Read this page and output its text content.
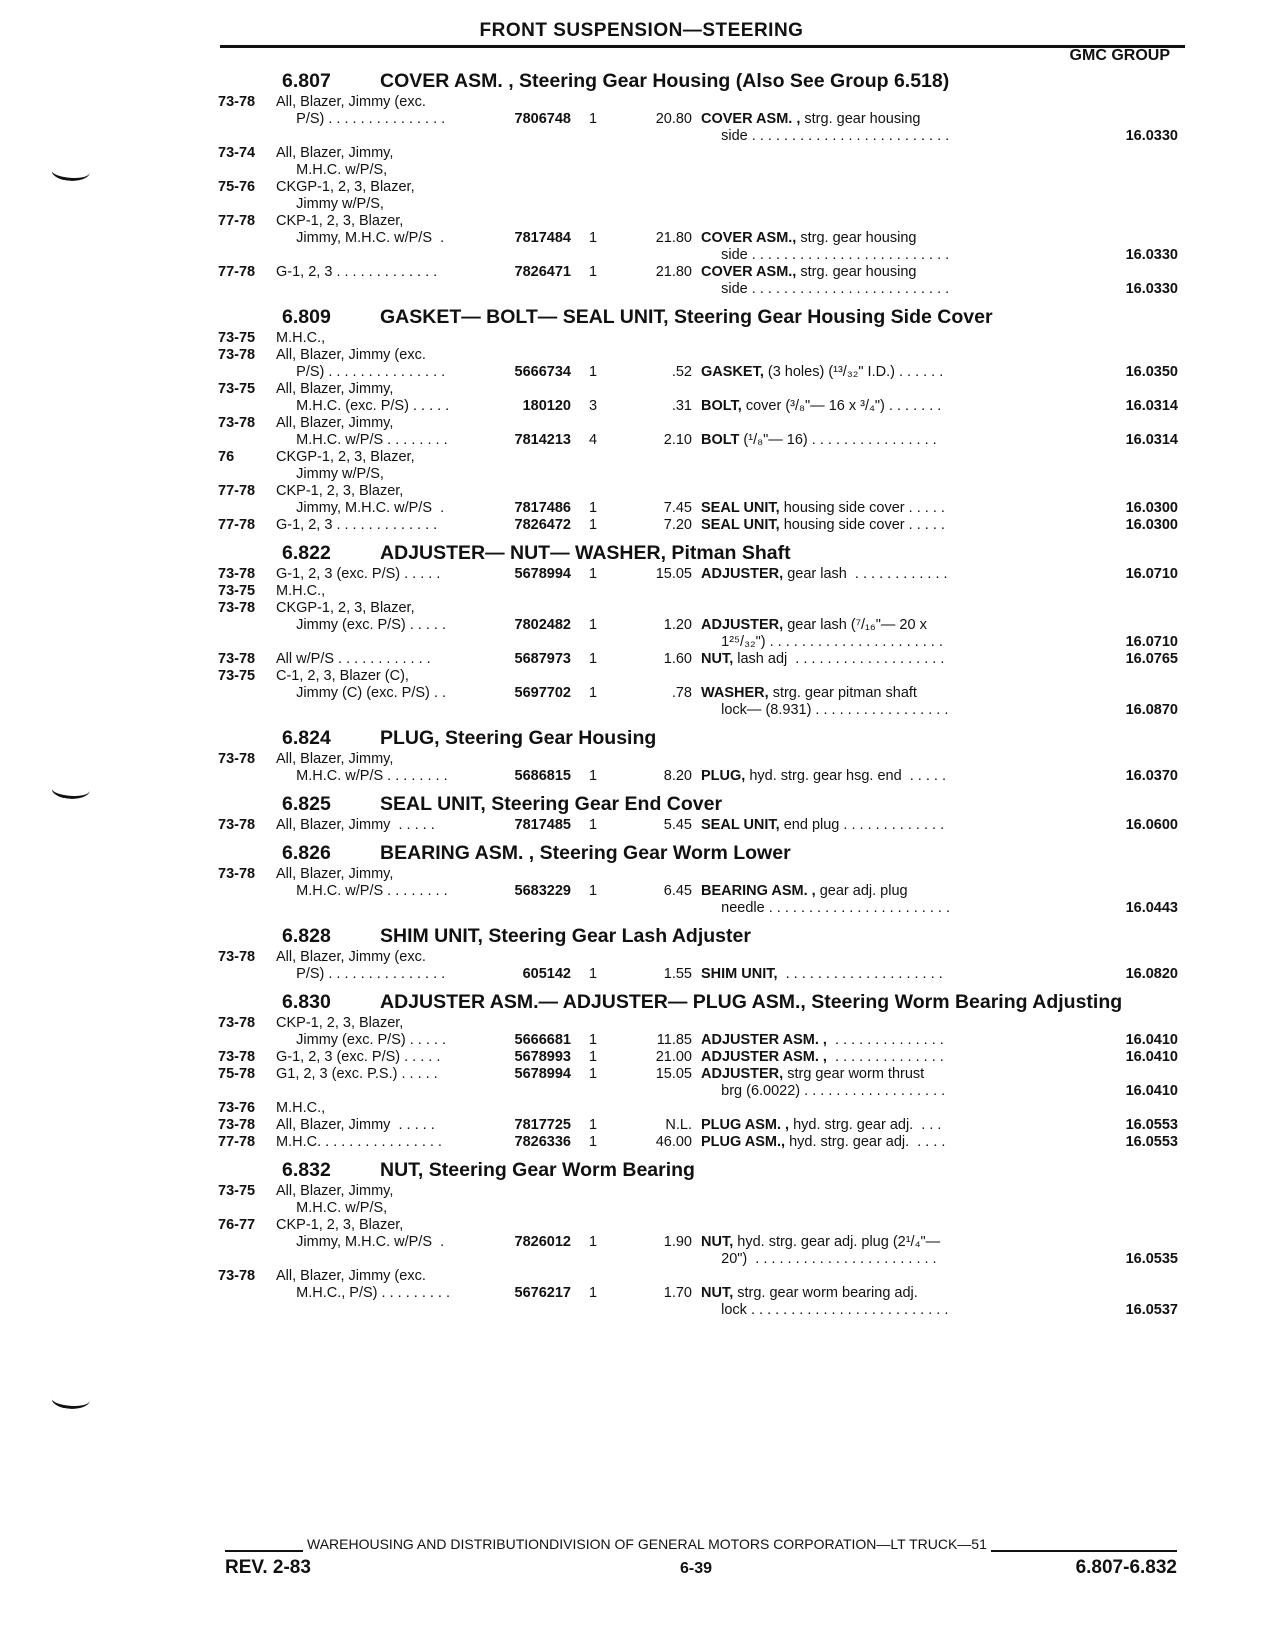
FRONT SUSPENSION—STEERING
GMC GROUP
6.807	COVER ASM. , Steering Gear Housing (Also See Group 6.518)
73-78	All, Blazer, Jimmy (exc.
P/S) . . . . . . . . . . . . . . .	7806748	1	20.80 COVER ASM. , strg. gear housing
side . . . . . . . . . . . . . . . . . . . . . . . . .	16.0330
73-74	All, Blazer, Jimmy,
M.H.C. w/P/S,
75-76	CKGP-1, 2, 3, Blazer,
Jimmy w/P/S,
77-78	CKP-1, 2, 3, Blazer,
Jimmy, M.H.C. w/P/S  .	7817484	1	21.80 COVER ASM., strg. gear housing
side . . . . . . . . . . . . . . . . . . . . . . . . .	16.0330
77-78	G-1, 2, 3 . . . . . . . . . . . . .	7826471	1	21.80 COVER ASM., strg. gear housing
side . . . . . . . . . . . . . . . . . . . . . . . . .	16.0330
6.809	GASKET— BOLT— SEAL UNIT, Steering Gear Housing Side Cover
73-75	M.H.C.,
73-78	All, Blazer, Jimmy (exc.
P/S) . . . . . . . . . . . . . . .	5666734	1	.52 GASKET, (3 holes) (¹³/₃₂" I.D.) . . . . . .	16.0350
73-75	All, Blazer, Jimmy,
M.H.C. (exc. P/S) . . . . .	180120	3	.31 BOLT, cover (³/₈"— 16 x ³/₄") . . . . . . .	16.0314
73-78	All, Blazer, Jimmy,
M.H.C. w/P/S . . . . . . . .	7814213	4	2.10 BOLT (¹/₈"— 16) . . . . . . . . . . . . . . . .	16.0314
76	CKGP-1, 2, 3, Blazer,
Jimmy w/P/S,
77-78	CKP-1, 2, 3, Blazer,
Jimmy, M.H.C. w/P/S  .	7817486	1	7.45 SEAL UNIT, housing side cover . . . . .	16.0300
77-78	G-1, 2, 3 . . . . . . . . . . . . .	7826472	1	7.20 SEAL UNIT, housing side cover . . . . .	16.0300
6.822	ADJUSTER— NUT— WASHER, Pitman Shaft
73-78	G-1, 2, 3 (exc. P/S) . . . . .	5678994	1	15.05 ADJUSTER, gear lash  . . . . . . . . . . . .	16.0710
73-75	M.H.C.,
73-78	CKGP-1, 2, 3, Blazer,
Jimmy (exc. P/S) . . . . .	7802482	1	1.20 ADJUSTER, gear lash (⁷/₁₆"— 20 x
1²⁵/₃₂") . . . . . . . . . . . . . . . . . . . . . .	16.0710
73-78	All w/P/S . . . . . . . . . . . .	5687973	1	1.60 NUT, lash adj  . . . . . . . . . . . . . . . . . . .	16.0765
73-75	C-1, 2, 3, Blazer (C),
Jimmy (C) (exc. P/S) . .	5697702	1	.78 WASHER, strg. gear pitman shaft
lock— (8.931) . . . . . . . . . . . . . . . . .	16.0870
6.824	PLUG, Steering Gear Housing
73-78	All, Blazer, Jimmy,
M.H.C. w/P/S . . . . . . . .	5686815	1	8.20 PLUG, hyd. strg. gear hsg. end  . . . . .	16.0370
6.825	SEAL UNIT, Steering Gear End Cover
73-78	All, Blazer, Jimmy  . . . . .	7817485	1	5.45 SEAL UNIT, end plug . . . . . . . . . . . . .	16.0600
6.826	BEARING ASM. , Steering Gear Worm Lower
73-78	All, Blazer, Jimmy,
M.H.C. w/P/S . . . . . . . .	5683229	1	6.45 BEARING ASM. , gear adj. plug
needle . . . . . . . . . . . . . . . . . . . . . . .	16.0443
6.828	SHIM UNIT, Steering Gear Lash Adjuster
73-78	All, Blazer, Jimmy (exc.
P/S) . . . . . . . . . . . . . . .	605142	1	1.55 SHIM UNIT,  . . . . . . . . . . . . . . . . . . . .	16.0820
6.830	ADJUSTER ASM.— ADJUSTER— PLUG ASM., Steering Worm Bearing Adjusting
73-78	CKP-1, 2, 3, Blazer,
Jimmy (exc. P/S) . . . . .	5666681	1	11.85 ADJUSTER ASM. ,  . . . . . . . . . . . . . .	16.0410
73-78	G-1, 2, 3 (exc. P/S) . . . . .	5678993	1	21.00 ADJUSTER ASM. ,  . . . . . . . . . . . . . .	16.0410
75-78	G1, 2, 3 (exc. P.S.) . . . . .	5678994	1	15.05 ADJUSTER, strg gear worm thrust
brg (6.0022) . . . . . . . . . . . . . . . . . .	16.0410
73-76	M.H.C.,
73-78	All, Blazer, Jimmy  . . . . .	7817725	1	N.L. PLUG ASM. , hyd. strg. gear adj.  . . .	16.0553
77-78	M.H.C. . . . . . . . . . . . . . . .	7826336	1	46.00 PLUG ASM., hyd. strg. gear adj.  . . . .	16.0553
6.832	NUT, Steering Gear Worm Bearing
73-75	All, Blazer, Jimmy,
M.H.C. w/P/S,
76-77	CKP-1, 2, 3, Blazer,
Jimmy, M.H.C. w/P/S  .	7826012	1	1.90 NUT, hyd. strg. gear adj. plug (2¹/₄"—
20")  . . . . . . . . . . . . . . . . . . . . . . .	16.0535
73-78	All, Blazer, Jimmy (exc.
M.H.C., P/S) . . . . . . . . .	5676217	1	1.70 NUT, strg. gear worm bearing adj.
lock . . . . . . . . . . . . . . . . . . . . . . . . .	16.0537
WAREHOUSING AND DISTRIBUTIONDIVISION OF GENERAL MOTORS CORPORATION—LT TRUCK—51
REV. 2-83	6-39	6.807-6.832
